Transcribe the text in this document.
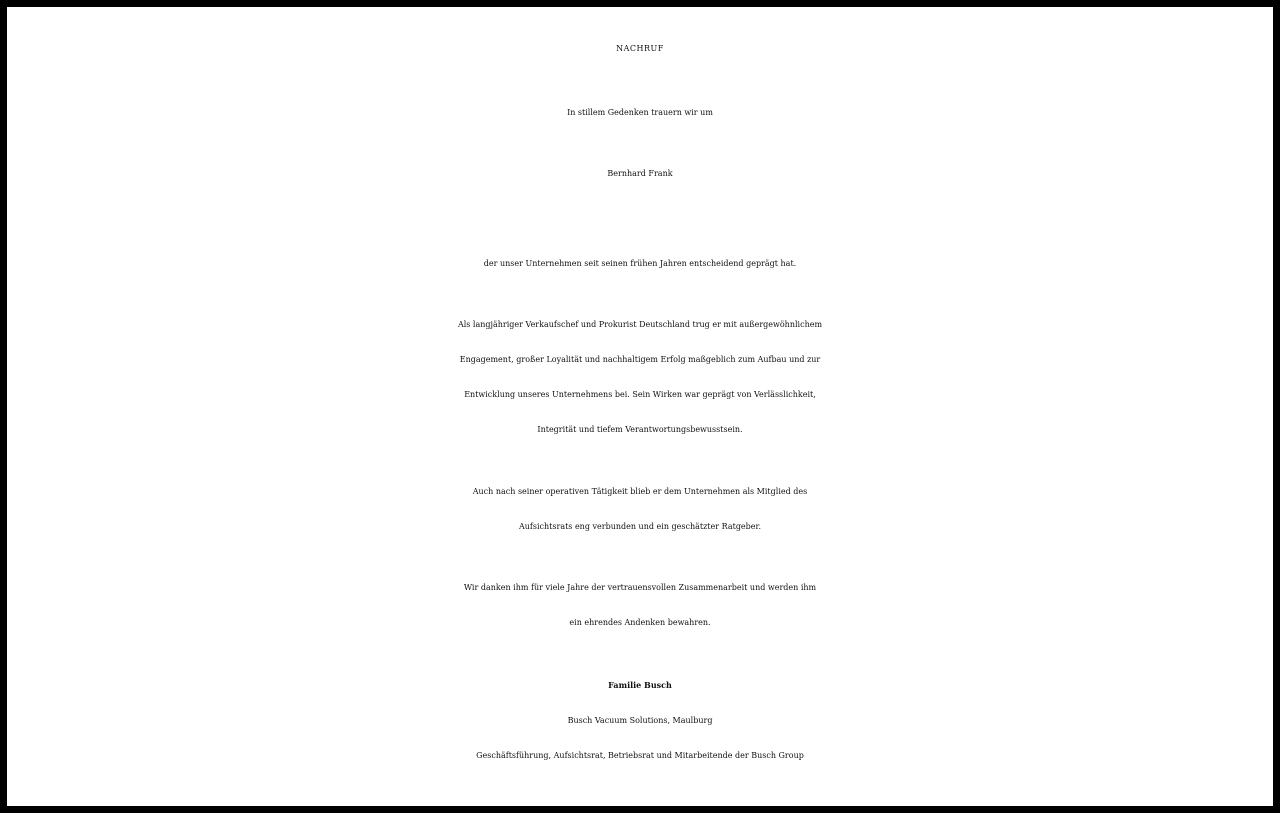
NACHRUF
In stillem Gedenken trauern wir um
Bernhard Frank
der unser Unternehmen seit seinen frühen Jahren entscheidend geprägt hat.
Als langjähriger Verkaufschef und Prokurist Deutschland trug er mit außergewöhnlichem
Engagement, großer Loyalität und nachhaltigem Erfolg maßgeblich zum Aufbau und zur
Entwicklung unseres Unternehmens bei. Sein Wirken war geprägt von Verlässlichkeit,
Integrität und tiefem Verantwortungsbewusstsein.
Auch nach seiner operativen Tätigkeit blieb er dem Unternehmen als Mitglied des
Aufsichtsrats eng verbunden und ein geschätzter Ratgeber.
Wir danken ihm für viele Jahre der vertrauensvollen Zusammenarbeit und werden ihm
ein ehrendes Andenken bewahren.
Familie Busch
Busch Vacuum Solutions, Maulburg
Geschäftsführung, Aufsichtsrat, Betriebsrat und Mitarbeitende der Busch Group
